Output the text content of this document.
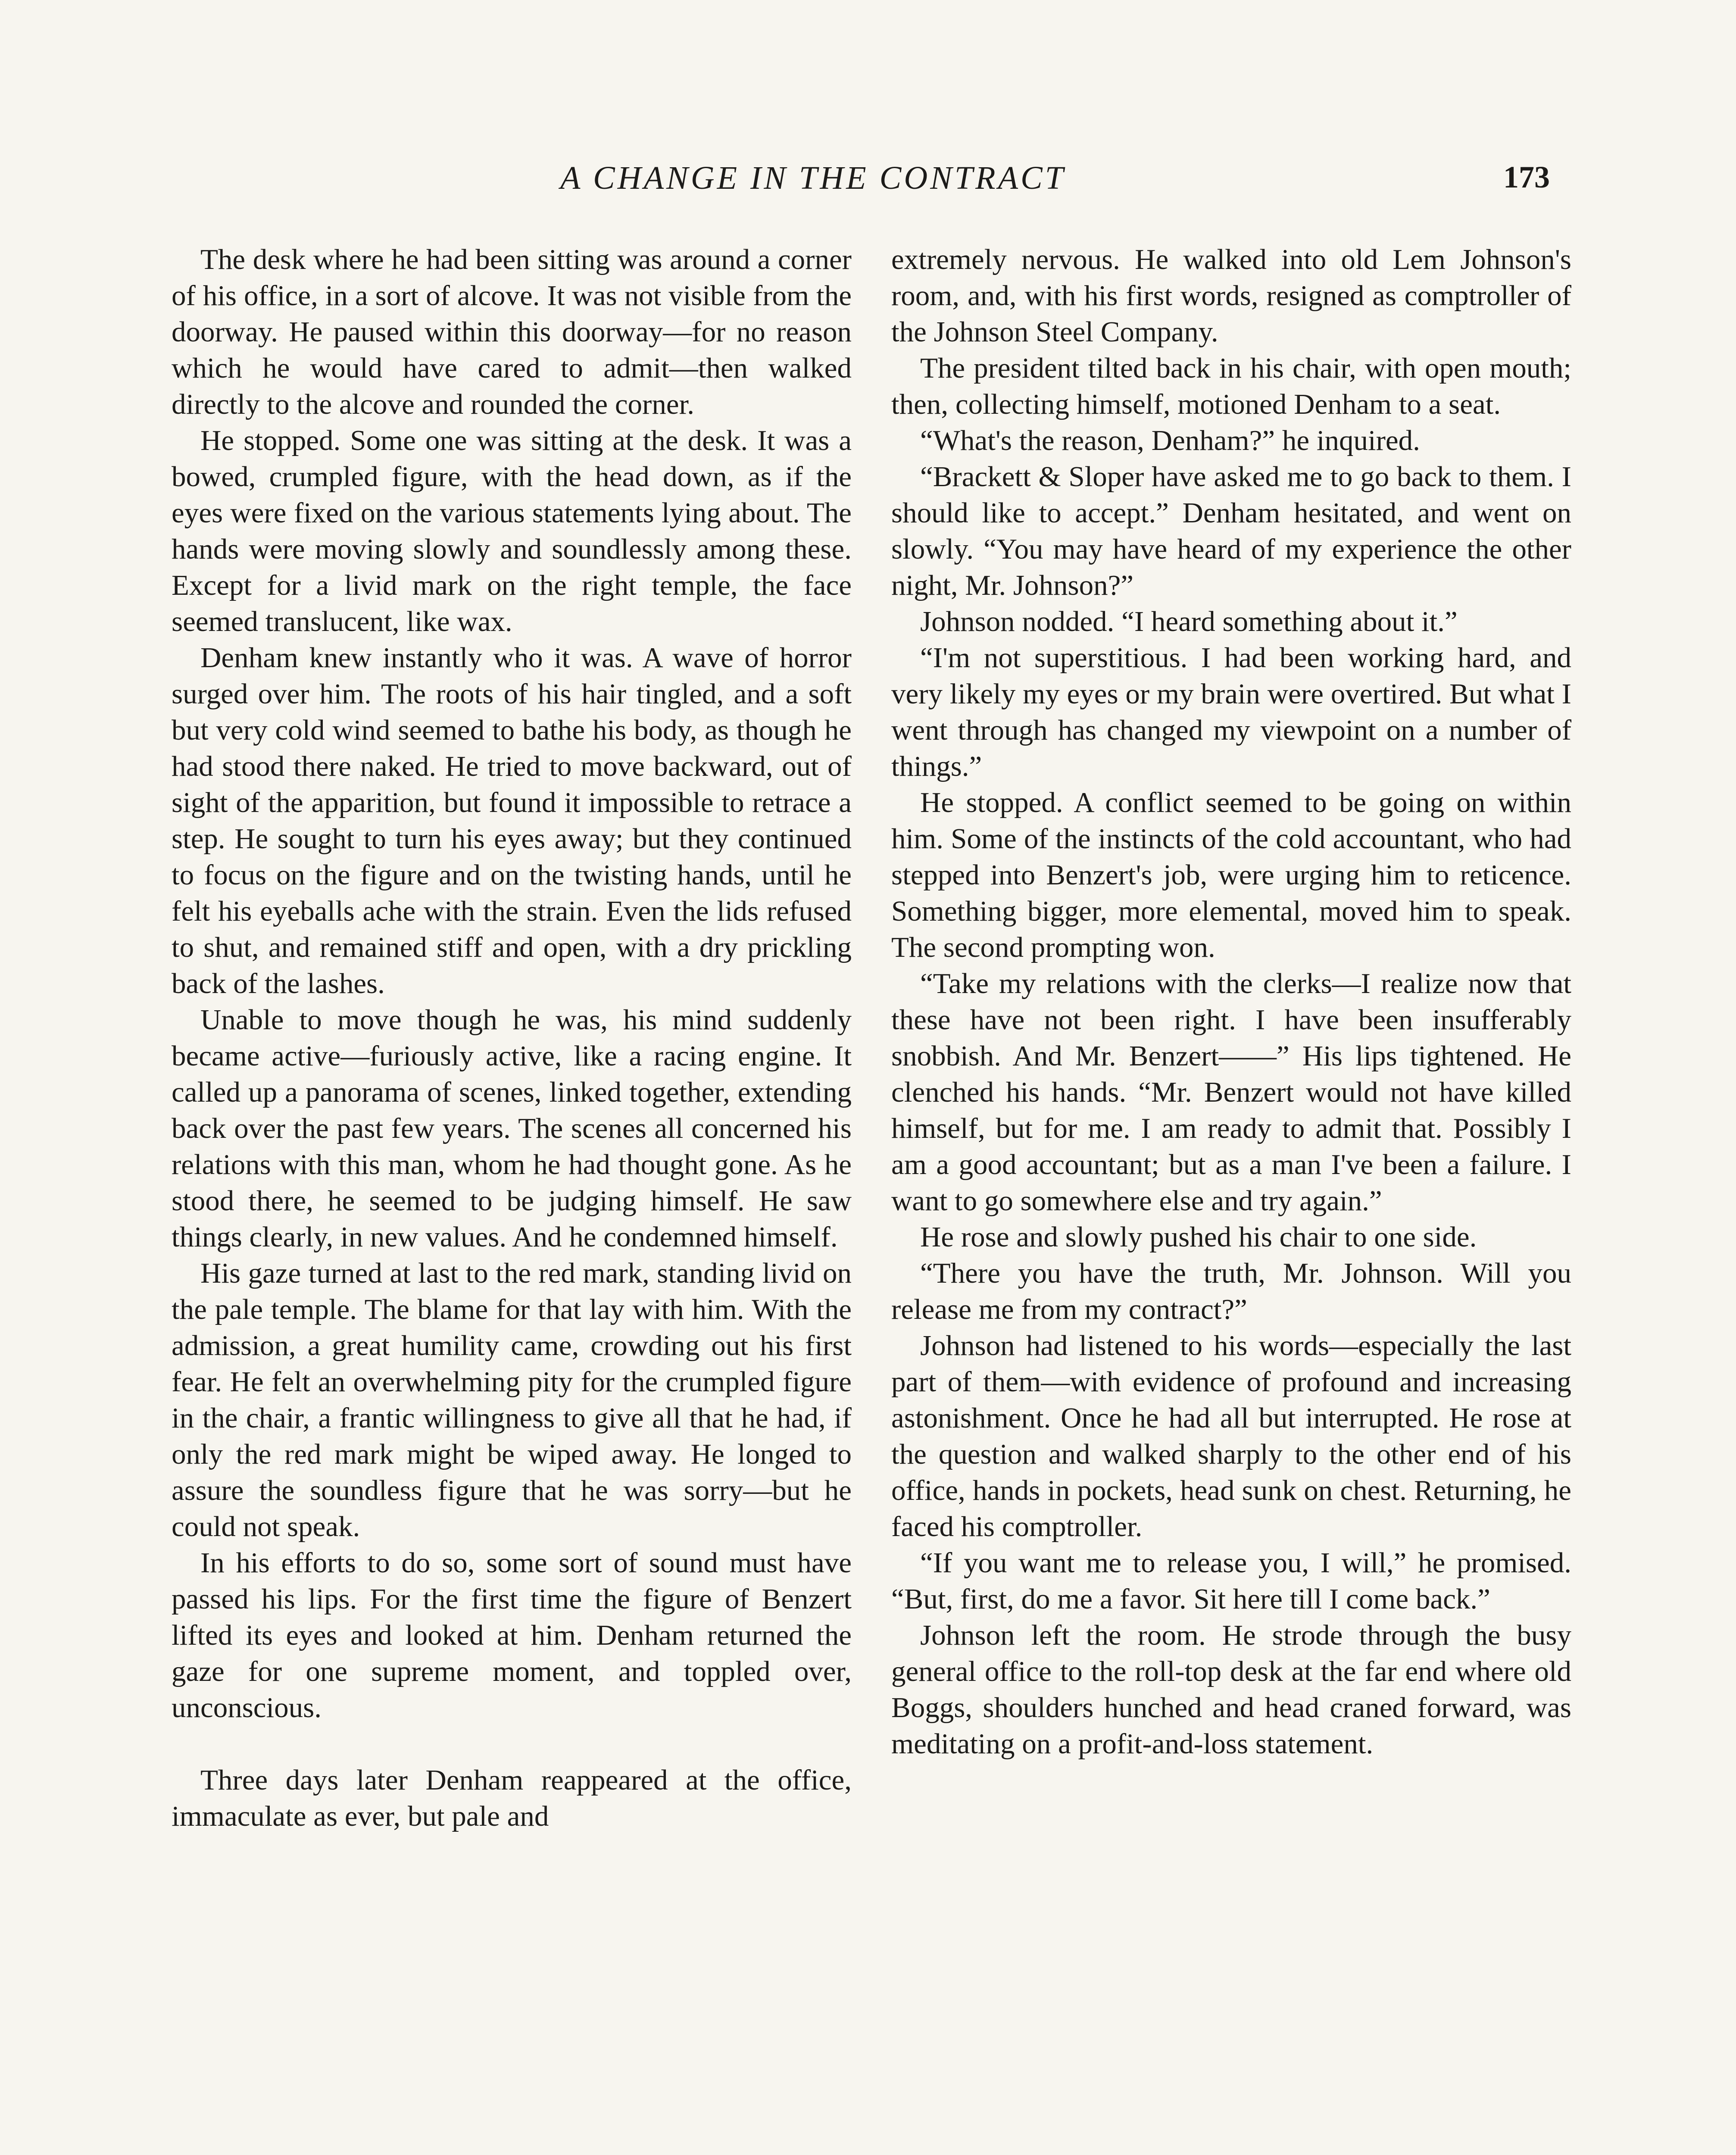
A CHANGE IN THE CONTRACT	173

The desk where he had been sitting was around a corner of his office, in a sort of alcove. It was not visible from the doorway. He paused within this doorway—for no reason which he would have cared to admit—then walked directly to the alcove and rounded the corner.

He stopped. Some one was sitting at the desk. It was a bowed, crumpled figure, with the head down, as if the eyes were fixed on the various statements lying about. The hands were moving slowly and soundlessly among these. Except for a livid mark on the right temple, the face seemed translucent, like wax.

Denham knew instantly who it was. A wave of horror surged over him. The roots of his hair tingled, and a soft but very cold wind seemed to bathe his body, as though he had stood there naked. He tried to move backward, out of sight of the apparition, but found it impossible to retrace a step. He sought to turn his eyes away; but they continued to focus on the figure and on the twisting hands, until he felt his eyeballs ache with the strain. Even the lids refused to shut, and remained stiff and open, with a dry prickling back of the lashes.

Unable to move though he was, his mind suddenly became active—furiously active, like a racing engine. It called up a panorama of scenes, linked together, extending back over the past few years. The scenes all concerned his relations with this man, whom he had thought gone. As he stood there, he seemed to be judging himself. He saw things clearly, in new values. And he condemned himself.

His gaze turned at last to the red mark, standing livid on the pale temple. The blame for that lay with him. With the admission, a great humility came, crowding out his first fear. He felt an overwhelming pity for the crumpled figure in the chair, a frantic willingness to give all that he had, if only the red mark might be wiped away. He longed to assure the soundless figure that he was sorry—but he could not speak.

In his efforts to do so, some sort of sound must have passed his lips. For the first time the figure of Benzert lifted its eyes and looked at him. Denham returned the gaze for one supreme moment, and toppled over, unconscious.

Three days later Denham reappeared at the office, immaculate as ever, but pale and

extremely nervous. He walked into old Lem Johnson's room, and, with his first words, resigned as comptroller of the Johnson Steel Company.

The president tilted back in his chair, with open mouth; then, collecting himself, motioned Denham to a seat.

“What's the reason, Denham?” he inquired.

“Brackett & Sloper have asked me to go back to them. I should like to accept.” Denham hesitated, and went on slowly. “You may have heard of my experience the other night, Mr. Johnson?”

Johnson nodded. “I heard something about it.”

“I'm not superstitious. I had been working hard, and very likely my eyes or my brain were overtired. But what I went through has changed my viewpoint on a number of things.”

He stopped. A conflict seemed to be going on within him. Some of the instincts of the cold accountant, who had stepped into Benzert's job, were urging him to reticence. Something bigger, more elemental, moved him to speak. The second prompting won.

“Take my relations with the clerks—I realize now that these have not been right. I have been insufferably snobbish. And Mr. Benzert——” His lips tightened. He clenched his hands. “Mr. Benzert would not have killed himself, but for me. I am ready to admit that. Possibly I am a good accountant; but as a man I've been a failure. I want to go somewhere else and try again.”

He rose and slowly pushed his chair to one side.

“There you have the truth, Mr. Johnson. Will you release me from my contract?”

Johnson had listened to his words—especially the last part of them—with evidence of profound and increasing astonishment. Once he had all but interrupted. He rose at the question and walked sharply to the other end of his office, hands in pockets, head sunk on chest. Returning, he faced his comptroller.

“If you want me to release you, I will,” he promised. “But, first, do me a favor. Sit here till I come back.”

Johnson left the room. He strode through the busy general office to the roll-top desk at the far end where old Boggs, shoulders hunched and head craned forward, was meditating on a profit-and-loss statement.
